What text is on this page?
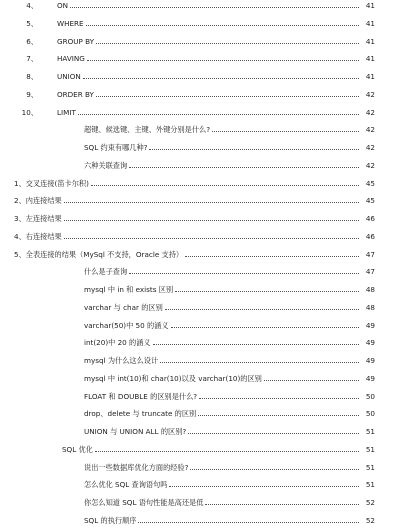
4、	ON	41
5、	WHERE	41
6、	GROUP BY	41
7、	HAVING	41
8、	UNION	41
9、	ORDER BY	42
10、	LIMIT	42
超键、候选键、主键、外键分别是什么?	42
SQL 约束有哪几种?	42
六种关联查询	42
1、交叉连接(笛卡尔积)	45
2、内连接结果	45
3、左连接结果	46
4、右连接结果	46
5、全表连接的结果（MySql 不支持，Oracle 支持）	47
什么是子查询	47
mysql 中 in 和 exists 区别	48
varchar 与 char 的区别	48
varchar(50)中 50 的涵义	49
int(20)中 20 的涵义	49
mysql 为什么这么设计	49
mysql 中 int(10)和 char(10)以及 varchar(10)的区别	49
FLOAT 和 DOUBLE 的区别是什么?	50
drop、delete 与 truncate 的区别	50
UNION 与 UNION ALL 的区别?	51
SQL 优化	51
说出一些数据库优化方面的经验?	51
怎么优化 SQL 查询语句吗	51
你怎么知道 SQL 语句性能是高还是低	52
SQL 的执行顺序	52
